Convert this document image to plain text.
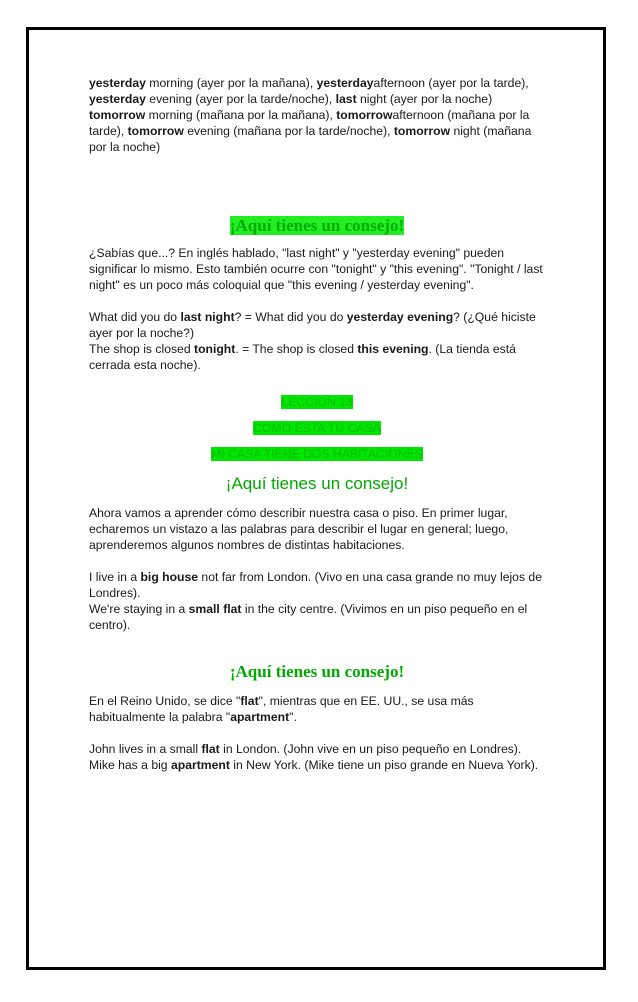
yesterday morning (ayer por la mañana), yesterdayafternoon (ayer por la tarde), yesterday evening (ayer por la tarde/noche), last night (ayer por la noche)

tomorrow morning (mañana por la mañana), tomorrowafternoon (mañana por la tarde), tomorrow evening (mañana por la tarde/noche), tomorrow night (mañana por la noche)

¡Aquí tienes un consejo!

¿Sabías que...? En inglés hablado, "last night" y "yesterday evening" pueden significar lo mismo. Esto también ocurre con "tonight" y "this evening". "Tonight / last night" es un poco más coloquial que "this evening / yesterday evening".

What did you do last night? = What did you do yesterday evening? (¿Qué hiciste ayer por la noche?)

The shop is closed tonight. = The shop is closed this evening. (La tienda está cerrada esta noche).

LECCION 13

COMO ESTA TU CASA

MI CASA TIENE DOS HABITACIONES

¡Aquí tienes un consejo!

Ahora vamos a aprender cómo describir nuestra casa o piso. En primer lugar, echaremos un vistazo a las palabras para describir el lugar en general; luego, aprenderemos algunos nombres de distintas habitaciones.

I live in a big house not far from London. (Vivo en una casa grande no muy lejos de Londres).

We're staying in a small flat in the city centre. (Vivimos en un piso pequeño en el centro).

¡Aquí tienes un consejo!

En el Reino Unido, se dice "flat", mientras que en EE. UU., se usa más habitualmente la palabra "apartment".

John lives in a small flat in London. (John vive en un piso pequeño en Londres).

Mike has a big apartment in New York. (Mike tiene un piso grande en Nueva York).
